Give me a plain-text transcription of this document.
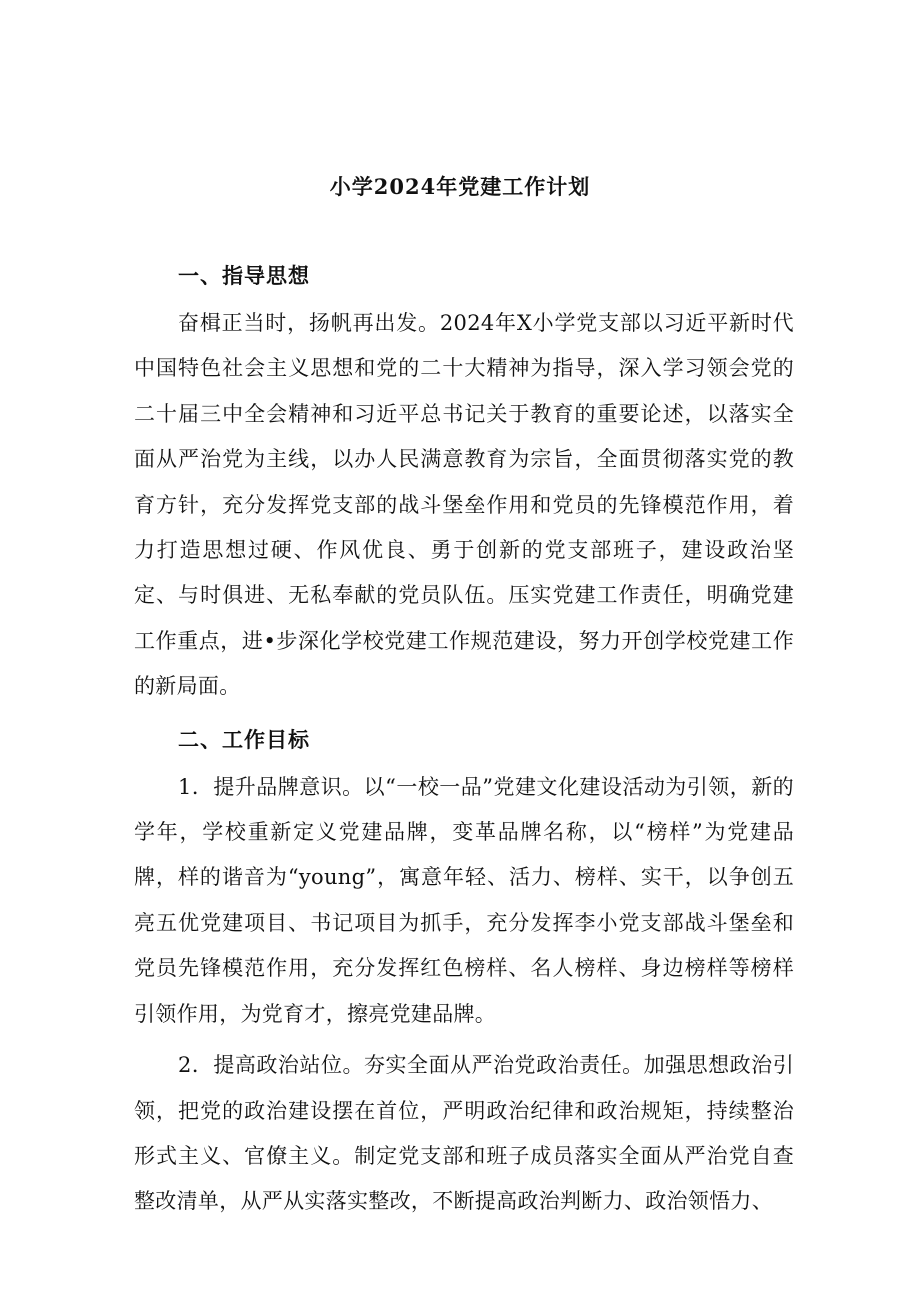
小学2024年党建工作计划
一、指导思想

奋楫正当时，扬帆再出发。2024年X小学党支部以习近平新时代中国特色社会主义思想和党的二十大精神为指导，深入学习领会党的二十届三中全会精神和习近平总书记关于教育的重要论述，以落实全面从严治党为主线，以办人民满意教育为宗旨，全面贯彻落实党的教育方针，充分发挥党支部的战斗堡垒作用和党员的先锋模范作用，着力打造思想过硬、作风优良、勇于创新的党支部班子，建设政治坚定、与时俱进、无私奉献的党员队伍。压实党建工作责任，明确党建工作重点，进•步深化学校党建工作规范建设，努力开创学校党建工作的新局面。

二、工作目标

1．提升品牌意识。以“一校一品”党建文化建设活动为引领，新的学年，学校重新定义党建品牌，变革品牌名称，以“榜样”为党建品牌，样的谐音为“young”，寓意年轻、活力、榜样、实干，以争创五亮五优党建项目、书记项目为抓手，充分发挥李小党支部战斗堡垒和党员先锋模范作用，充分发挥红色榜样、名人榜样、身边榜样等榜样引领作用，为党育才，擦亮党建品牌。

2．提高政治站位。夯实全面从严治党政治责任。加强思想政治引领，把党的政治建设摆在首位，严明政治纪律和政治规矩，持续整治形式主义、官僚主义。制定党支部和班子成员落实全面从严治党自查整改清单，从严从实落实整改，不断提高政治判断力、政治领悟力、
